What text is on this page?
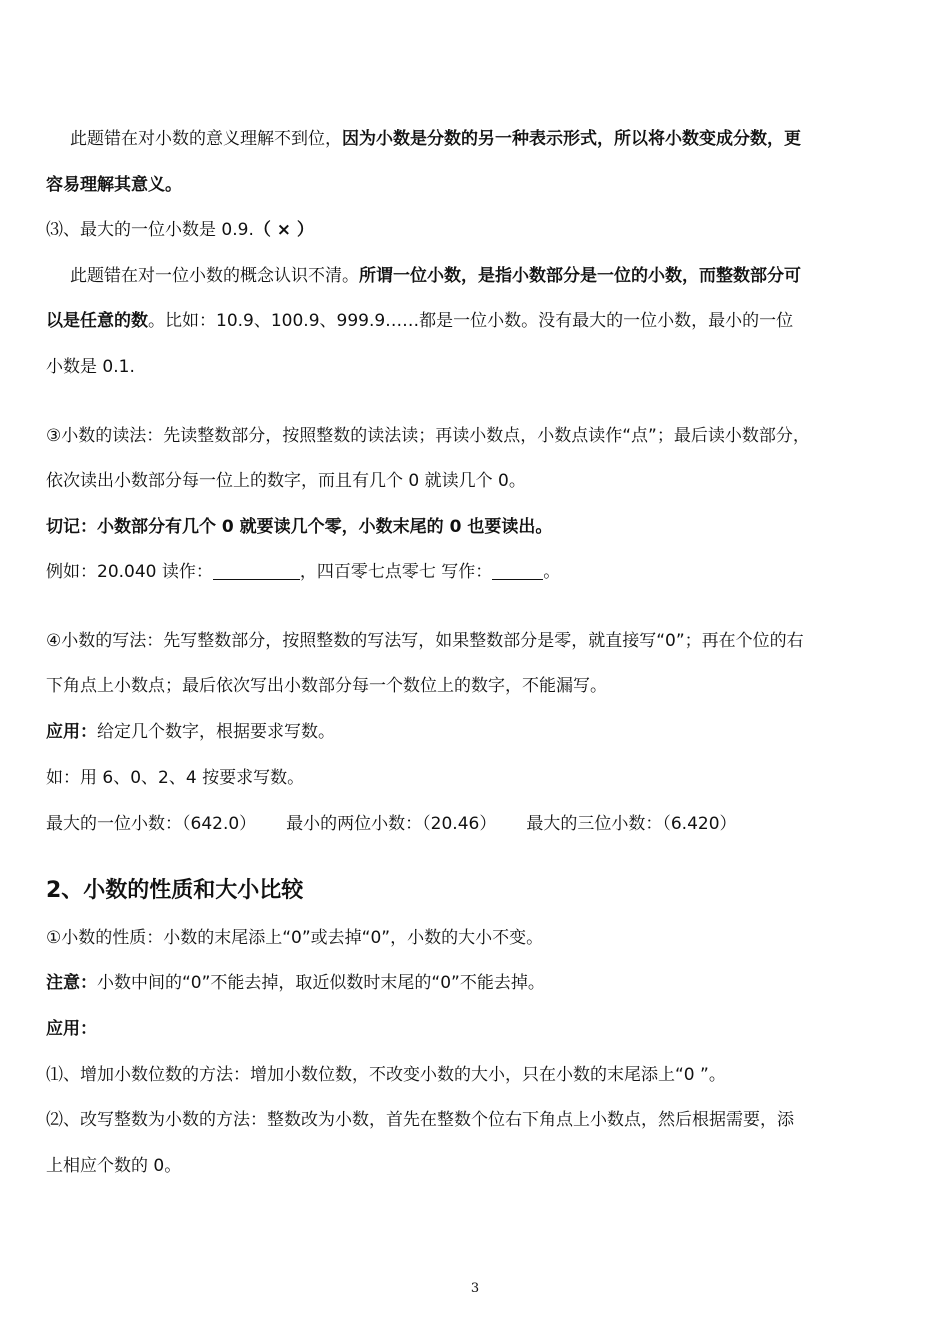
此题错在对小数的意义理解不到位，因为小数是分数的另一种表示形式，所以将小数变成分数，更
容易理解其意义。
⑶、最大的一位小数是 0.9.（ × ）
此题错在对一位小数的概念认识不清。所谓一位小数，是指小数部分是一位的小数，而整数部分可
以是任意的数。比如：10.9、100.9、999.9……都是一位小数。没有最大的一位小数，最小的一位
小数是 0.1.
③小数的读法：先读整数部分，按照整数的读法读；再读小数点，小数点读作“点”；最后读小数部分，
依次读出小数部分每一位上的数字，而且有几个 0 就读几个 0。
切记：小数部分有几个 0 就要读几个零，小数末尾的 0 也要读出。
例如：20.040 读作：	，四百零七点零七 写作：	。
④小数的写法：先写整数部分，按照整数的写法写，如果整数部分是零，就直接写“0”；再在个位的右
下角点上小数点；最后依次写出小数部分每一个数位上的数字，不能漏写。
应用：给定几个数字，根据要求写数。
如：用 6、0、2、4 按要求写数。
最大的一位小数：（642.0） 最小的两位小数：（20.46） 最大的三位小数：（6.420）
2、小数的性质和大小比较
①小数的性质：小数的末尾添上“0”或去掉“0”，小数的大小不变。
注意：小数中间的“0”不能去掉，取近似数时末尾的“0”不能去掉。
应用：
⑴、增加小数位数的方法：增加小数位数，不改变小数的大小，只在小数的末尾添上“0 ”。
⑵、改写整数为小数的方法：整数改为小数，首先在整数个位右下角点上小数点，然后根据需要，添
上相应个数的 0。
3
